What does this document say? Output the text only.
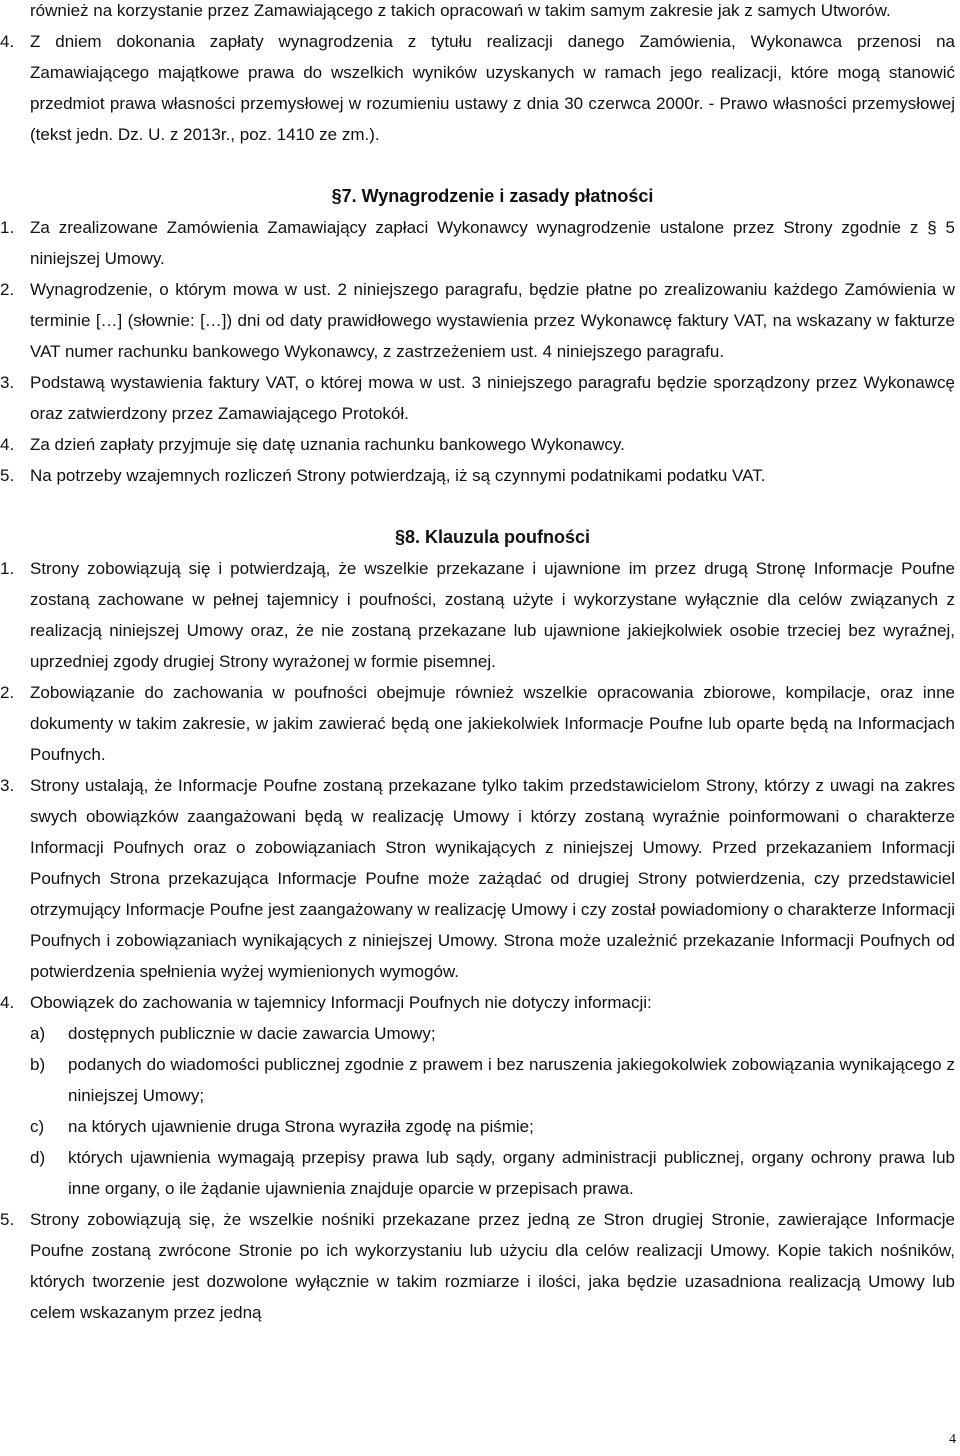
również na korzystanie przez Zamawiającego z takich opracowań w takim samym zakresie jak z samych Utworów.

4. Z dniem dokonania zapłaty wynagrodzenia z tytułu realizacji danego Zamówienia, Wykonawca przenosi na Zamawiającego majątkowe prawa do wszelkich wyników uzyskanych w ramach jego realizacji, które mogą stanowić przedmiot prawa własności przemysłowej w rozumieniu ustawy z dnia 30 czerwca 2000r. - Prawo własności przemysłowej (tekst jedn. Dz. U. z 2013r., poz. 1410 ze zm.).

§7. Wynagrodzenie i zasady płatności
1. Za zrealizowane Zamówienia Zamawiający zapłaci Wykonawcy wynagrodzenie ustalone przez Strony zgodnie z § 5 niniejszej Umowy.

2. Wynagrodzenie, o którym mowa w ust. 2 niniejszego paragrafu, będzie płatne po zrealizowaniu każdego Zamówienia w terminie […] (słownie: […]) dni od daty prawidłowego wystawienia przez Wykonawcę faktury VAT, na wskazany w fakturze VAT numer rachunku bankowego Wykonawcy, z zastrzeżeniem ust. 4 niniejszego paragrafu.

3. Podstawą wystawienia faktury VAT, o której mowa w ust. 3 niniejszego paragrafu będzie sporządzony przez Wykonawcę oraz zatwierdzony przez Zamawiającego Protokół.

4. Za dzień zapłaty przyjmuje się datę uznania rachunku bankowego Wykonawcy.

5. Na potrzeby wzajemnych rozliczeń Strony potwierdzają, iż są czynnymi podatnikami podatku VAT.

§8. Klauzula poufności
1. Strony zobowiązują się i potwierdzają, że wszelkie przekazane i ujawnione im przez drugą Stronę Informacje Poufne zostaną zachowane w pełnej tajemnicy i poufności, zostaną użyte i wykorzystane wyłącznie dla celów związanych z realizacją niniejszej Umowy oraz, że nie zostaną przekazane lub ujawnione jakiejkolwiek osobie trzeciej bez wyraźnej, uprzedniej zgody drugiej Strony wyrażonej w formie pisemnej.

2. Zobowiązanie do zachowania w poufności obejmuje również wszelkie opracowania zbiorowe, kompilacje, oraz inne dokumenty w takim zakresie, w jakim zawierać będą one jakiekolwiek Informacje Poufne lub oparte będą na Informacjach Poufnych.

3. Strony ustalają, że Informacje Poufne zostaną przekazane tylko takim przedstawicielom Strony, którzy z uwagi na zakres swych obowiązków zaangażowani będą w realizację Umowy i którzy zostaną wyraźnie poinformowani o charakterze Informacji Poufnych oraz o zobowiązaniach Stron wynikających z niniejszej Umowy. Przed przekazaniem Informacji Poufnych Strona przekazująca Informacje Poufne może zażądać od drugiej Strony potwierdzenia, czy przedstawiciel otrzymujący Informacje Poufne jest zaangażowany w realizację Umowy i czy został powiadomiony o charakterze Informacji Poufnych i zobowiązaniach wynikających z niniejszej Umowy. Strona może uzależnić przekazanie Informacji Poufnych od potwierdzenia spełnienia wyżej wymienionych wymogów.

4. Obowiązek do zachowania w tajemnicy Informacji Poufnych nie dotyczy informacji:

a)	dostępnych publicznie w dacie zawarcia Umowy;

b)	podanych do wiadomości publicznej zgodnie z prawem i bez naruszenia jakiegokolwiek zobowiązania wynikającego z niniejszej Umowy;

c)	na których ujawnienie druga Strona wyraziła zgodę na piśmie;

d)	których ujawnienia wymagają przepisy prawa lub sądy, organy administracji publicznej, organy ochrony prawa lub inne organy, o ile żądanie ujawnienia znajduje oparcie w przepisach prawa.

5. Strony zobowiązują się, że wszelkie nośniki przekazane przez jedną ze Stron drugiej Stronie, zawierające Informacje Poufne zostaną zwrócone Stronie po ich wykorzystaniu lub użyciu dla celów realizacji Umowy. Kopie takich nośników, których tworzenie jest dozwolone wyłącznie w takim rozmiarze i ilości, jaka będzie uzasadniona realizacją Umowy lub celem wskazanym przez jedną

4
